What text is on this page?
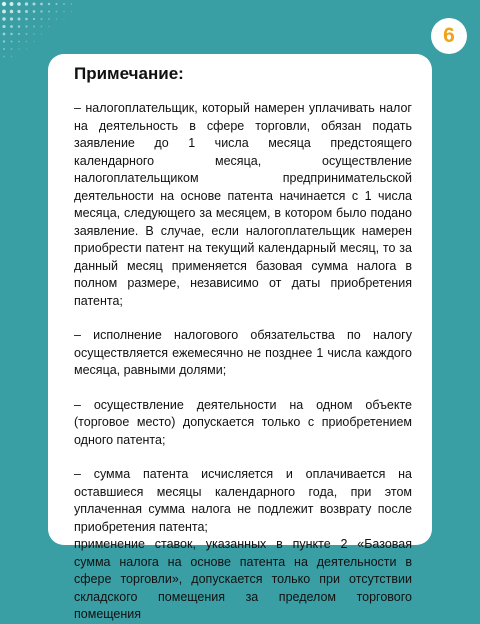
6
Примечание:

– налогоплательщик, который намерен уплачивать налог на деятельность в сфере торговли, обязан подать заявление до 1 числа месяца предстоящего календарного месяца, осуществление налогоплательщиком предпринимательской деятельности на основе патента начинается с 1 числа месяца, следующего за месяцем, в котором было подано заявление. В случае, если налогоплательщик намерен приобрести патент на текущий календарный месяц, то за данный месяц применяется базовая сумма налога в полном размере, независимо от даты приобретения патента;

– исполнение налогового обязательства по налогу осуществляется ежемесячно не позднее 1 числа каждого месяца, равными долями;

– осуществление деятельности на одном объекте (торговое место) допускается только с приобретением одного патента;

– сумма патента исчисляется и оплачивается на оставшиеся месяцы календарного года, при этом уплаченная сумма налога не подлежит возврату после приобретения патента;

применение ставок, указанных в пункте 2 «Базовая сумма налога на основе патента на деятельности в сфере торговли», допускается только при отсутствии складского помещения за пределом торгового помещения
